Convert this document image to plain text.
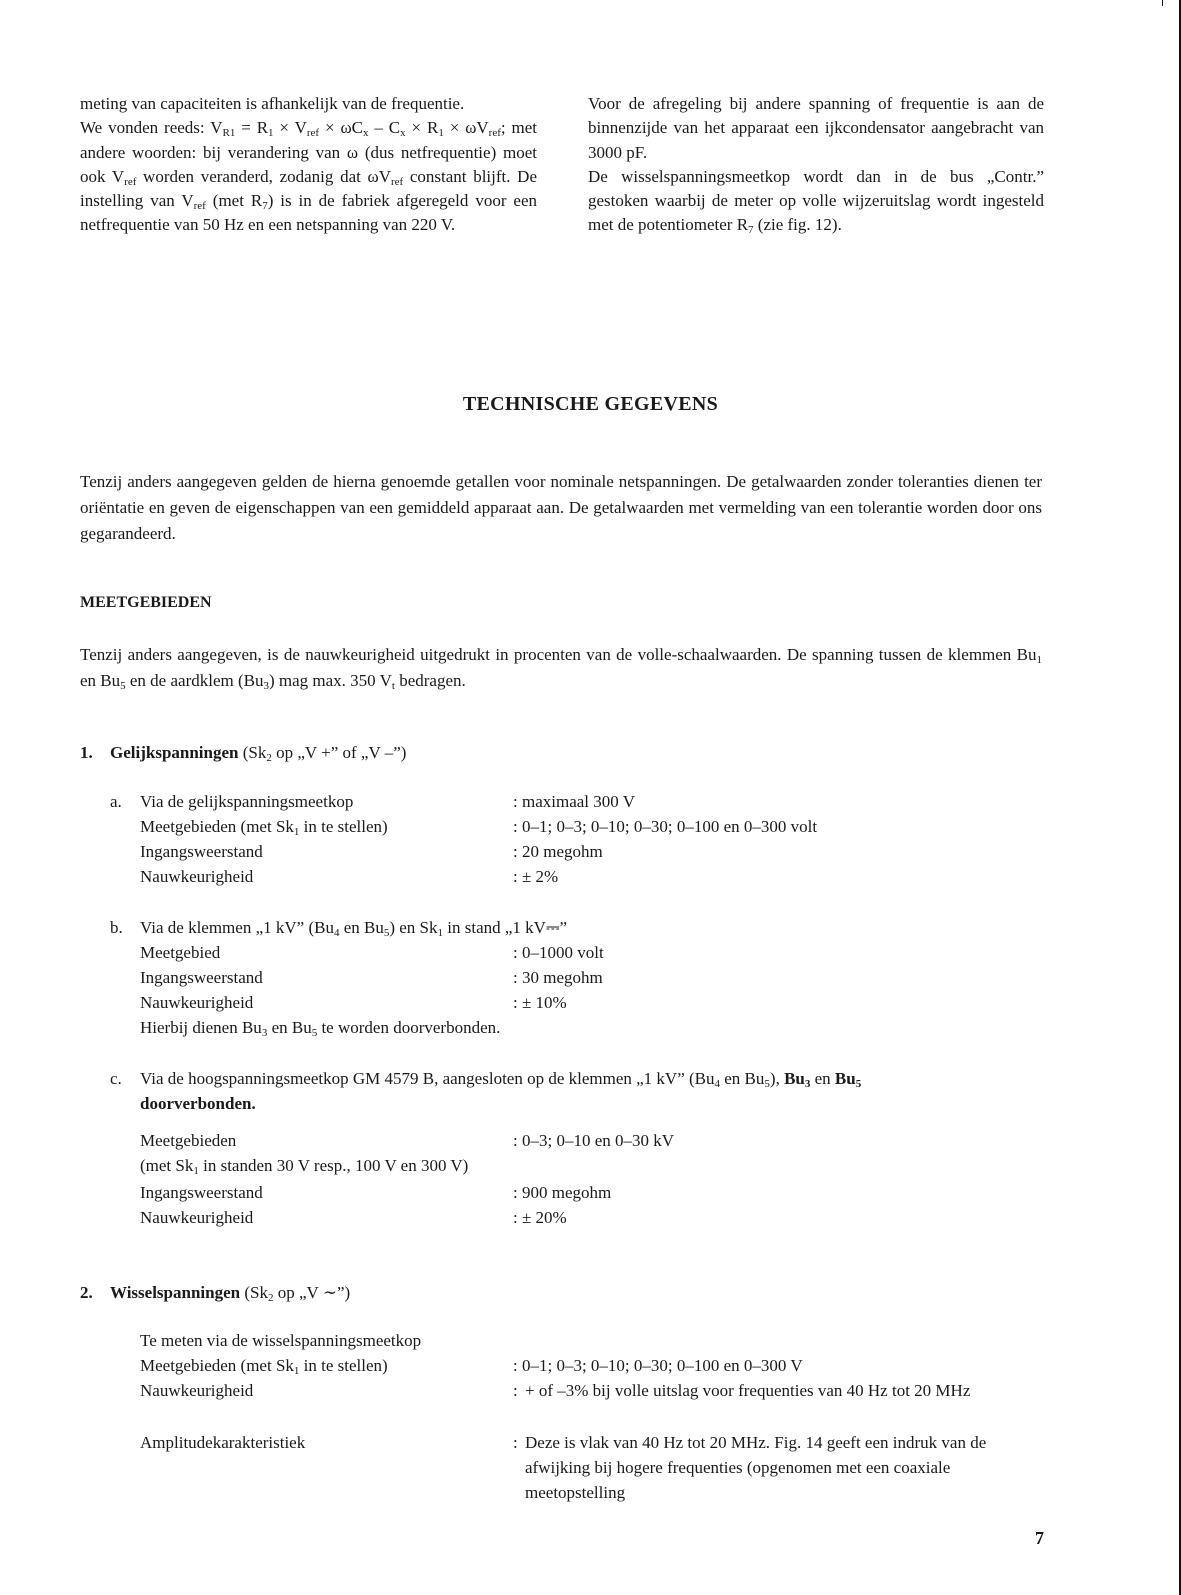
meting van capaciteiten is afhankelijk van de frequentie.

We vonden reeds: $V_{R1} = R_1 \times V_{ref} \times \omega C_x - C_x \times R_1 \times \omega V_{ref}$; met andere woorden: bij verandering van ω (dus netfrequentie) moet ook $V_{ref}$ worden veranderd, zodanig dat $\omega V_{ref}$ constant blijft. De instelling van $V_{ref}$ (met $R_7$) is in de fabriek afgeregeld voor een netfrequentie van 50 Hz en een netspanning van 220 V.

Voor de afregeling bij andere spanning of frequentie is aan de binnenzijde van het apparaat een ijkcondensator aangebracht van 3000 pF.

De wisselspanningsmeetkop wordt dan in de bus „Contr.” gestoken waarbij de meter op volle wijzeruitslag wordt ingesteld met de potentiometer $R_7$ (zie fig. 12).

TECHNISCHE GEGEVENS

Tenzij anders aangegeven gelden de hierna genoemde getallen voor nominale netspanningen. De getalwaarden zonder toleranties dienen ter oriëntatie en geven de eigenschappen van een gemiddeld apparaat aan. De getalwaarden met vermelding van een tolerantie worden door ons gegarandeerd.

MEETGEBIEDEN

Tenzij anders aangegeven, is de nauwkeurigheid uitgedrukt in procenten van de volle-schaalwaarden. De spanning tussen de klemmen $Bu_1$ en $Bu_5$ en de aardklem $(Bu_3)$ mag max. 350 $V_t$ bedragen.

1. Gelijkspanningen ($Sk_2$ op „V +” of „V –”)
a. Via de gelijkspanningsmeetkop	: maximaal 300 V
Meetgebieden (met $Sk_1$ in te stellen)	: 0–1; 0–3; 0–10; 0–30; 0–100 en 0–300 volt
Ingangsweerstand	: 20 megohm
Nauwkeurigheid	: ± 2%
b. Via de klemmen „1 kV” ($Bu_4$ en $Bu_5$) en $Sk_1$ in stand „1 kV⎓”
Meetgebied	: 0–1000 volt
Ingangsweerstand	: 30 megohm
Nauwkeurigheid	: ± 10%
Hierbij dienen $Bu_3$ en $Bu_5$ te worden doorverbonden.
c. Via de hoogspanningsmeetkop GM 4579 B, aangesloten op de klemmen „1 kV” ($Bu_4$ en $Bu_5$), $Bu_3$ en $Bu_5$
doorverbonden.
Meetgebieden	: 0–3; 0–10 en 0–30 kV
(met $Sk_1$ in standen 30 V resp., 100 V en 300 V)
Ingangsweerstand	: 900 megohm
Nauwkeurigheid	: ± 20%
2. Wisselspanningen ($Sk_2$ op „V ∼”)
Te meten via de wisselspanningsmeetkop
Meetgebieden (met $Sk_1$ in te stellen)	: 0–1; 0–3; 0–10; 0–30; 0–100 en 0–300 V
Nauwkeurigheid	: + of –3% bij volle uitslag voor frequenties van 40 Hz tot 20 MHz
Amplitudekarakteristiek	: Deze is vlak van 40 Hz tot 20 MHz. Fig. 14 geeft een indruk van de afwijking bij hogere frequenties (opgenomen met een coaxiale meetopstelling
7
